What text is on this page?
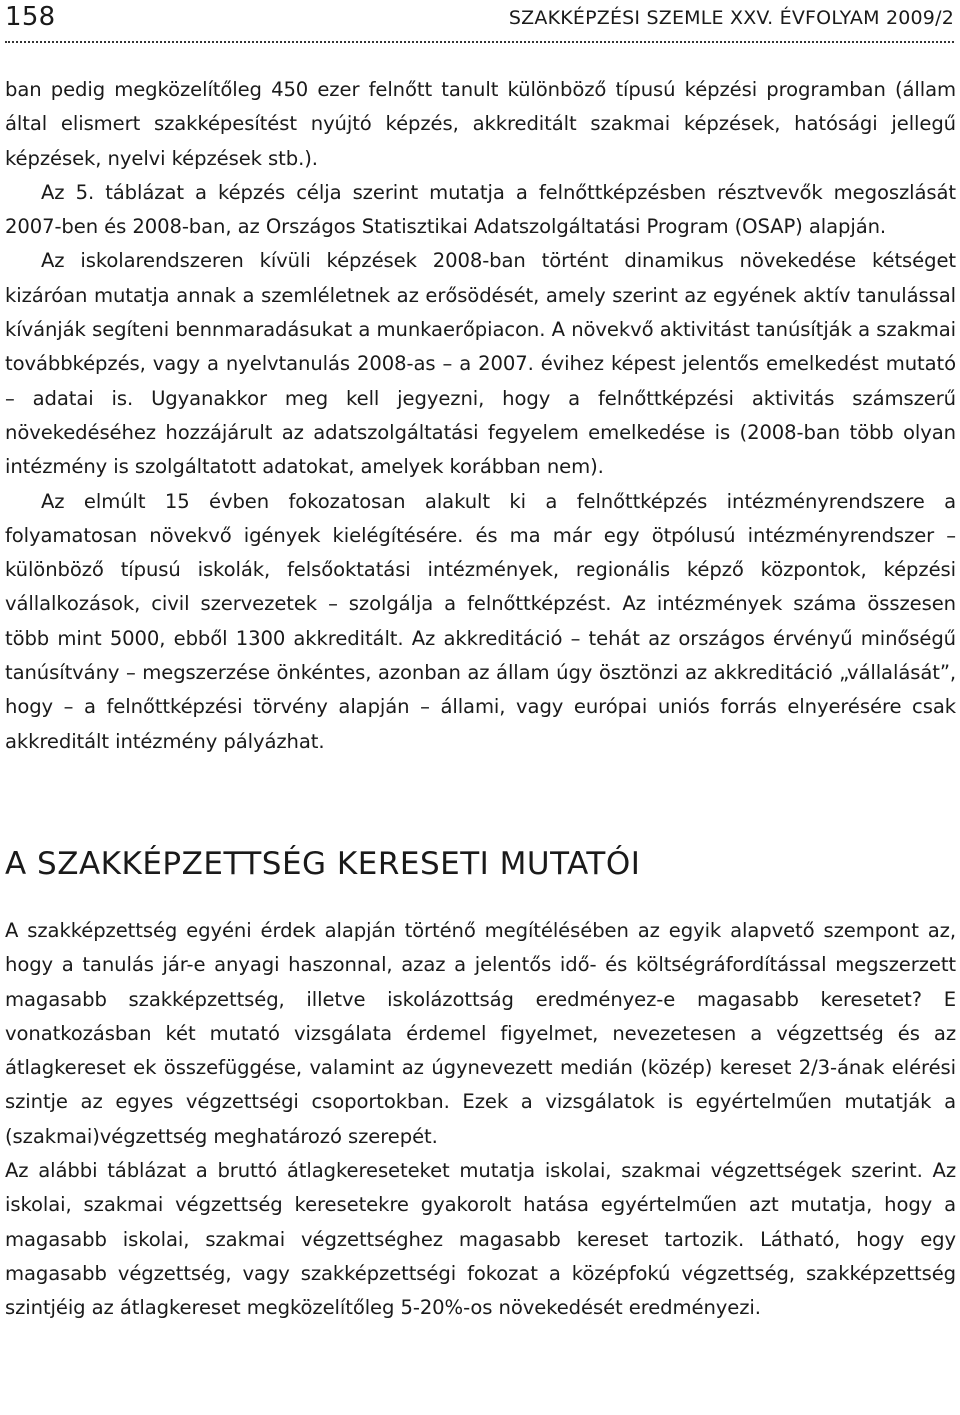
158	SZAKKÉPZÉSI SZEMLE XXV. ÉVFOLYAM 2009/2

ban pedig megközelítőleg 450 ezer felnőtt tanult különböző típusú képzési programban (állam által elismert szakképesítést nyújtó képzés, akkreditált szakmai képzések, hatósági jellegű képzések, nyelvi képzések stb.).

Az 5. táblázat a képzés célja szerint mutatja a felnőttképzésben résztvevők megoszlását 2007-ben és 2008-ban, az Országos Statisztikai Adatszolgáltatási Program (OSAP) alapján.

Az iskolarendszeren kívüli képzések 2008-ban történt dinamikus növekedése kétséget kizáróan mutatja annak a szemléletnek az erősödését, amely szerint az egyének aktív tanulással kívánják segíteni bennmaradásukat a munkaerőpiacon. A növekvő aktivitást tanúsítják a szakmai továbbképzés, vagy a nyelvtanulás 2008-as – a 2007. évihez képest jelentős emelkedést mutató – adatai is. Ugyanakkor meg kell jegyezni, hogy a felnőttképzési aktivitás számszerű növekedéséhez hozzájárult az adatszolgáltatási fegyelem emelkedése is (2008-ban több olyan intézmény is szolgáltatott adatokat, amelyek korábban nem).

Az elmúlt 15 évben fokozatosan alakult ki a felnőttképzés intézményrendszere a folyamatosan növekvő igények kielégítésére. és ma már egy ötpólusú intézményrendszer – különböző típusú iskolák, felsőoktatási intézmények, regionális képző központok, képzési vállalkozások, civil szervezetek – szolgálja a felnőttképzést. Az intézmények száma összesen több mint 5000, ebből 1300 akkreditált. Az akkreditáció – tehát az országos érvényű minőségű tanúsítvány – megszerzése önkéntes, azonban az állam úgy ösztönzi az akkreditáció „vállalását”, hogy – a felnőttképzési törvény alapján – állami, vagy európai uniós forrás elnyerésére csak akkreditált intézmény pályázhat.

A SZAKKÉPZETTSÉG KERESETI MUTATÓI

A szakképzettség egyéni érdek alapján történő megítélésében az egyik alapvető szempont az, hogy a tanulás jár-e anyagi haszonnal, azaz a jelentős idő- és költségráfordítással megszerzett magasabb szakképzettség, illetve iskolázottság eredményez-e magasabb keresetet? E vonatkozásban két mutató vizsgálata érdemel figyelmet, nevezetesen a végzettség és az átlagkereset ek összefüggése, valamint az úgynevezett medián (közép) kereset 2/3-ának elérési szintje az egyes végzettségi csoportokban. Ezek a vizsgálatok is egyértelműen mutatják a (szakmai)végzettség meghatározó szerepét.

Az alábbi táblázat a bruttó átlagkereseteket mutatja iskolai, szakmai végzettségek szerint. Az iskolai, szakmai végzettség keresetekre gyakorolt hatása egyértelműen azt mutatja, hogy a magasabb iskolai, szakmai végzettséghez magasabb kereset tartozik. Látható, hogy egy magasabb végzettség, vagy szakképzettségi fokozat a középfokú végzettség, szakképzettség szintjéig az átlagkereset megközelítőleg 5-20%-os növekedését eredményezi.
